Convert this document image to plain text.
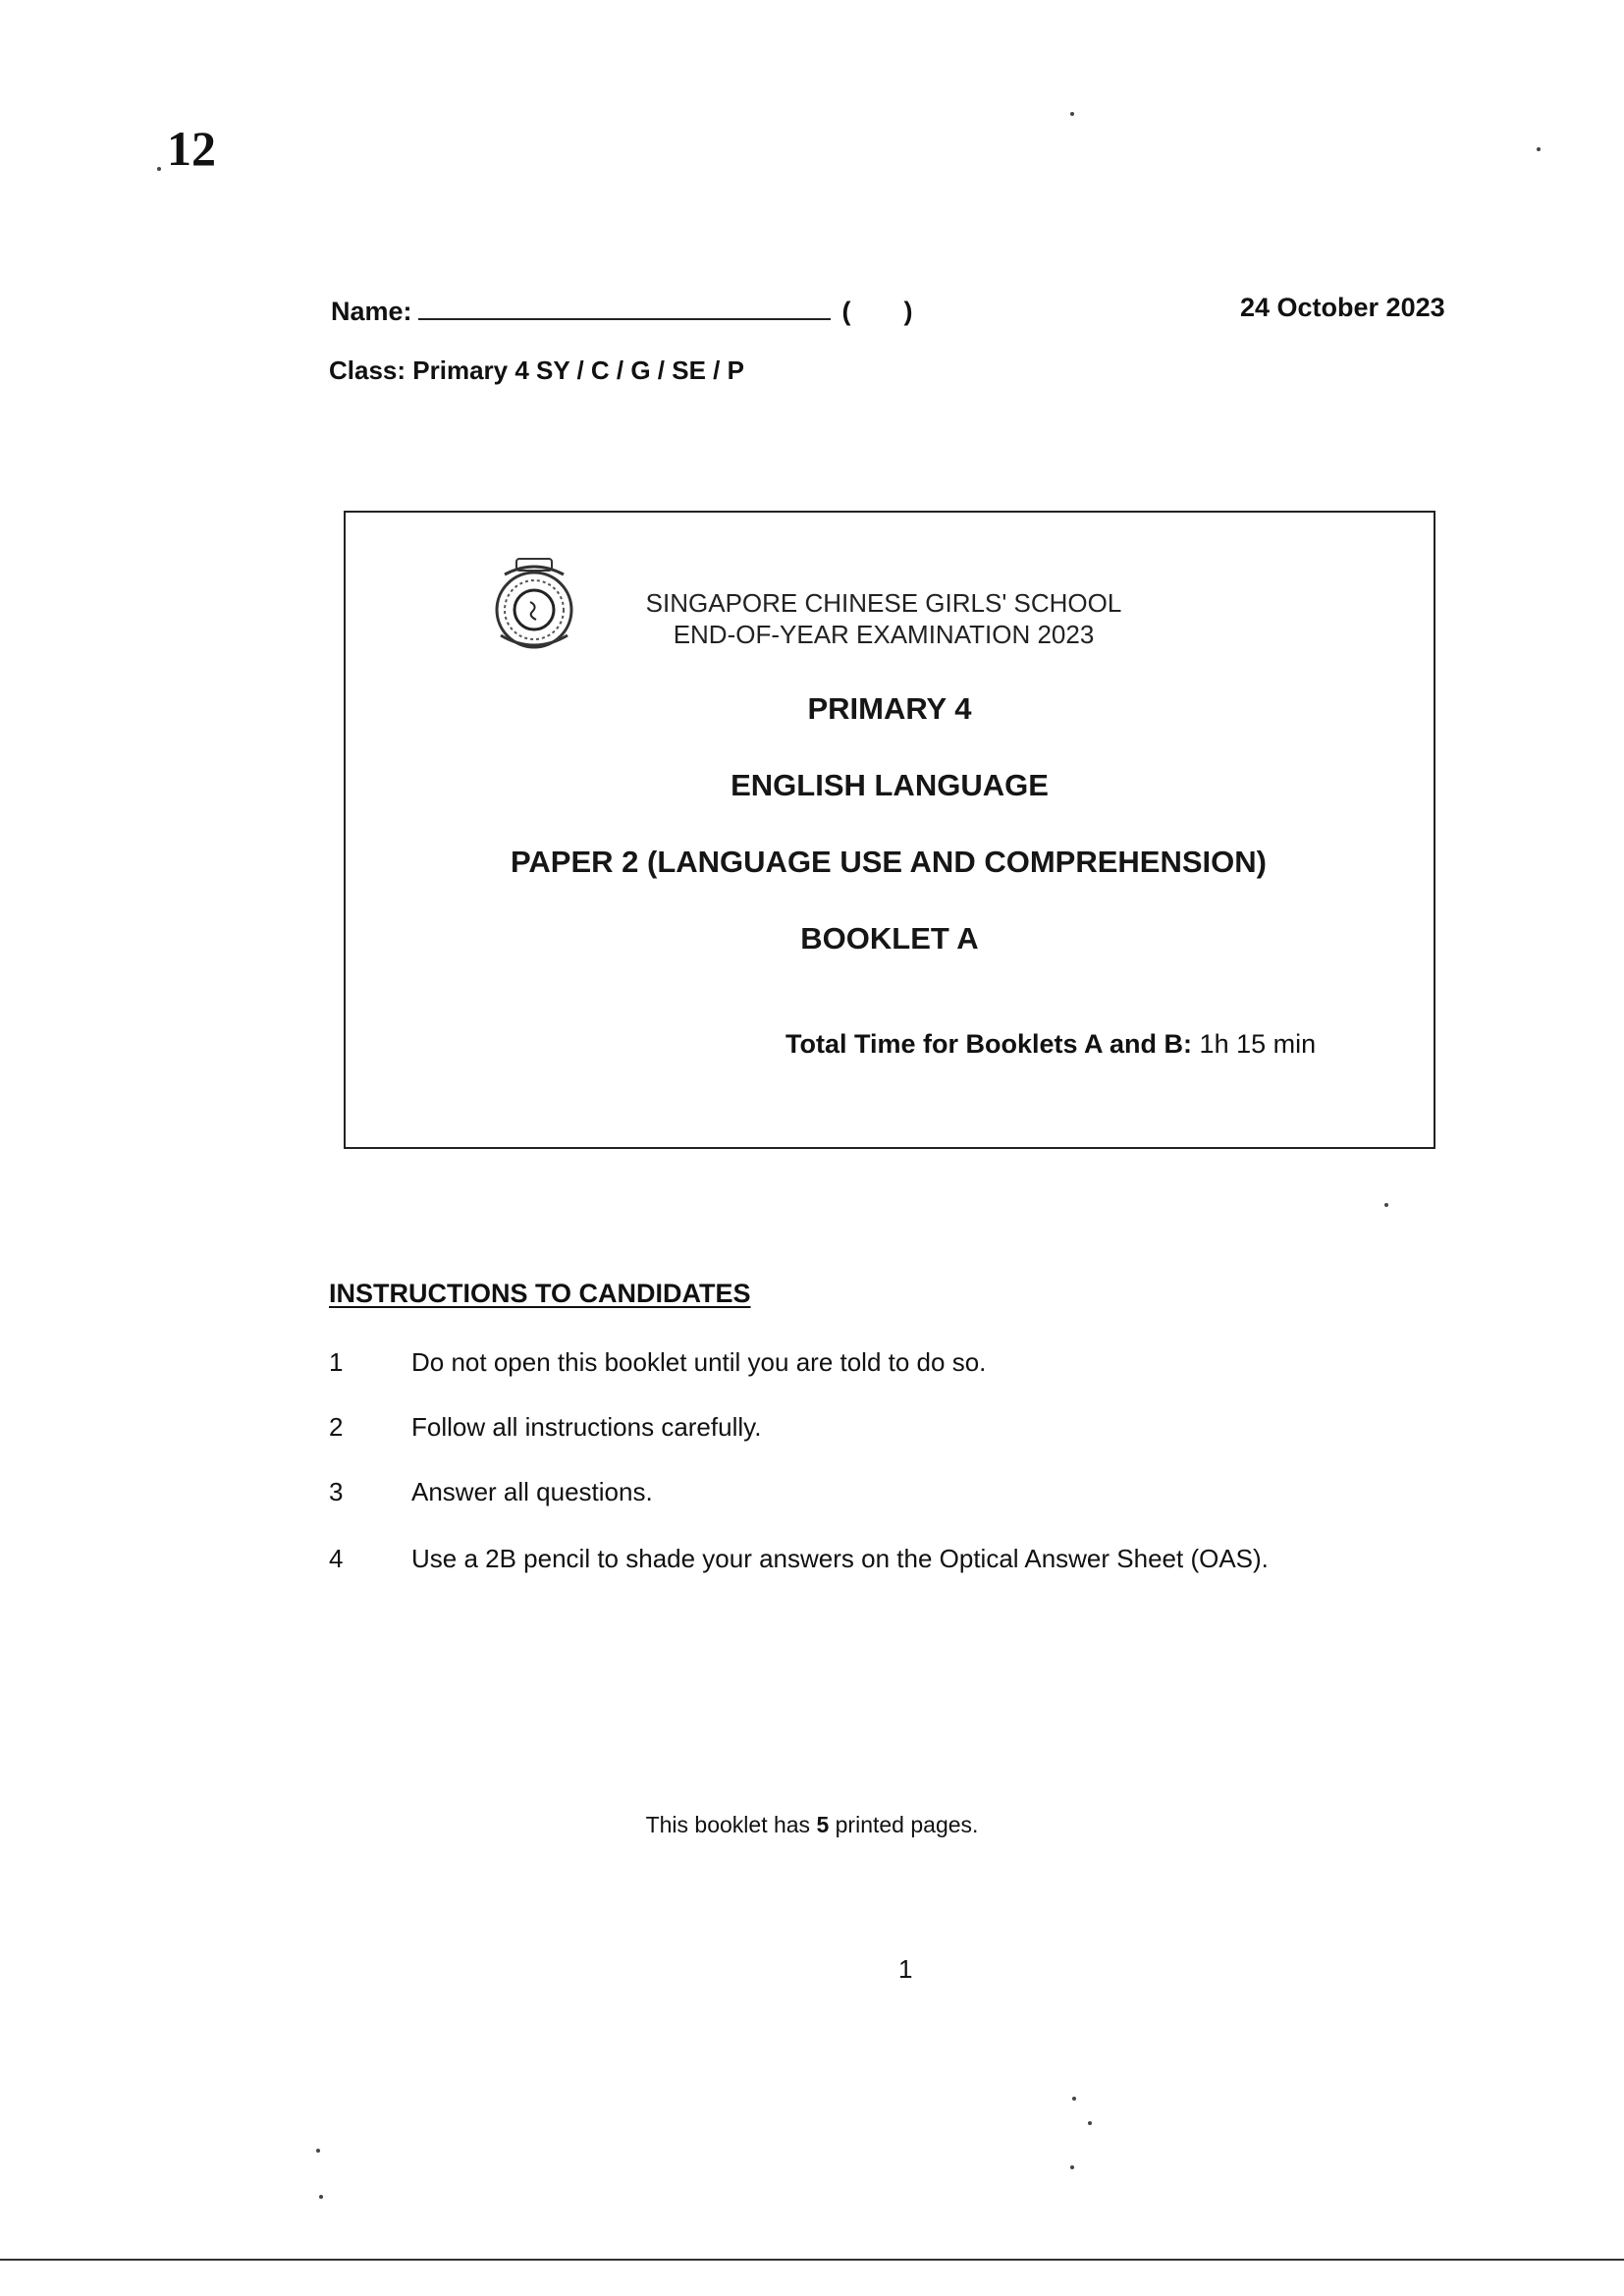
12
Name:	( )	24 October 2023
Class: Primary 4 SY / C / G / SE / P
SINGAPORE CHINESE GIRLS' SCHOOL
END-OF-YEAR EXAMINATION 2023
PRIMARY 4
ENGLISH LANGUAGE
PAPER 2 (LANGUAGE USE AND COMPREHENSION)
BOOKLET A
Total Time for Booklets A and B: 1h 15 min
INSTRUCTIONS TO CANDIDATES
1	Do not open this booklet until you are told to do so.
2	Follow all instructions carefully.
3	Answer all questions.
4	Use a 2B pencil to shade your answers on the Optical Answer Sheet (OAS).
This booklet has 5 printed pages.
1
